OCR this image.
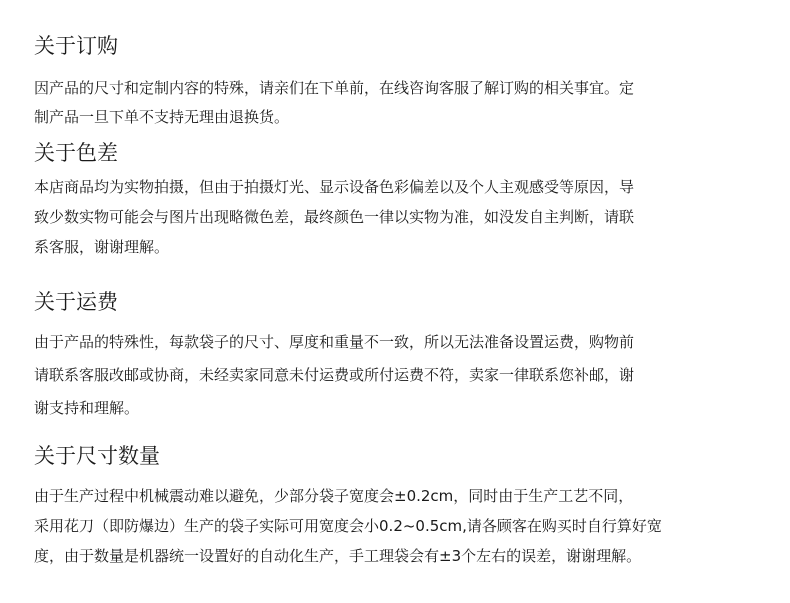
关于订购

因产品的尺寸和定制内容的特殊，请亲们在下单前，在线咨询客服了解订购的相关事宜。定
制产品一旦下单不支持无理由退换货。

关于色差

本店商品均为实物拍摄，但由于拍摄灯光、显示设备色彩偏差以及个人主观感受等原因，导
致少数实物可能会与图片出现略微色差，最终颜色一律以实物为准，如没发自主判断，请联
系客服，谢谢理解。

关于运费

由于产品的特殊性，每款袋子的尺寸、厚度和重量不一致，所以无法准备设置运费，购物前
请联系客服改邮或协商，未经卖家同意未付运费或所付运费不符，卖家一律联系您补邮，谢
谢支持和理解。

关于尺寸数量

由于生产过程中机械震动难以避免，少部分袋子宽度会±0.2cm，同时由于生产工艺不同，
采用花刀（即防爆边）生产的袋子实际可用宽度会小0.2~0.5cm,请各顾客在购买时自行算好宽
度，由于数量是机器统一设置好的自动化生产，手工理袋会有±3个左右的误差，谢谢理解。
